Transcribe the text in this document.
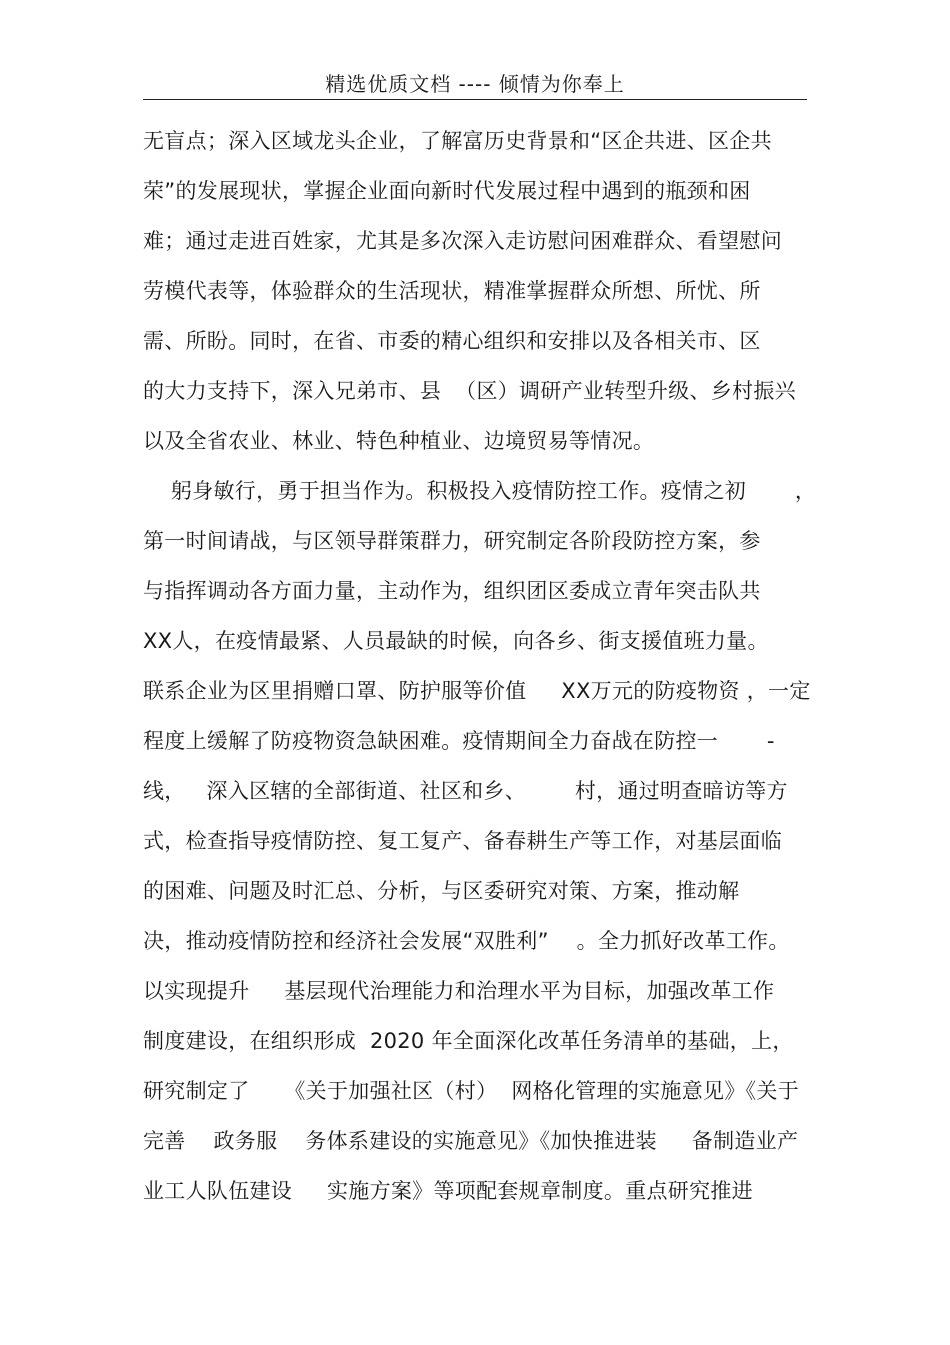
精选优质文档 ---- 倾情为你奉上
无盲点；深入区域龙头企业，了解富历史背景和“区企共进、区企共
荣”的发展现状，掌握企业面向新时代发展过程中遇到的瓶颈和困
难；通过走进百姓家，尤其是多次深入走访慰问困难群众、看望慰问
劳模代表等，体验群众的生活现状，精准掌握群众所想、所忧、所
需、所盼。同时，在省、市委的精心组织和安排以及各相关市、区
的大力支持下，深入兄弟市、县  （区）调研产业转型升级、乡村振兴
以及全省农业、林业、特色种植业、边境贸易等情况。
躬身敏行，勇于担当作为。积极投入疫情防控工作。疫情之初       ，
第一时间请战，与区领导群策群力，研究制定各阶段防控方案，参
与指挥调动各方面力量，主动作为，组织团区委成立青年突击队共
XX人，在疫情最紧、人员最缺的时候，向各乡、街支援值班力量。
联系企业为区里捐赠口罩、防护服等价值     XX万元的防疫物资 ，一定
程度上缓解了防疫物资急缺困难。疫情期间全力奋战在防控一       -
线，   深入区辖的全部街道、社区和乡、       村，通过明查暗访等方
式，检查指导疫情防控、复工复产、备春耕生产等工作，对基层面临
的困难、问题及时汇总、分析，与区委研究对策、方案，推动解
决，推动疫情防控和经济社会发展“双胜利”    。全力抓好改革工作。
以实现提升     基层现代治理能力和治理水平为目标，加强改革工作
制度建设，在组织形成  2020 年全面深化改革任务清单的基础，上，
研究制定了     《关于加强社区（村）  网格化管理的实施意见》《关于
完善    政务服    务体系建设的实施意见》《加快推进装     备制造业产
业工人队伍建设     实施方案》等项配套规章制度。重点研究推进
